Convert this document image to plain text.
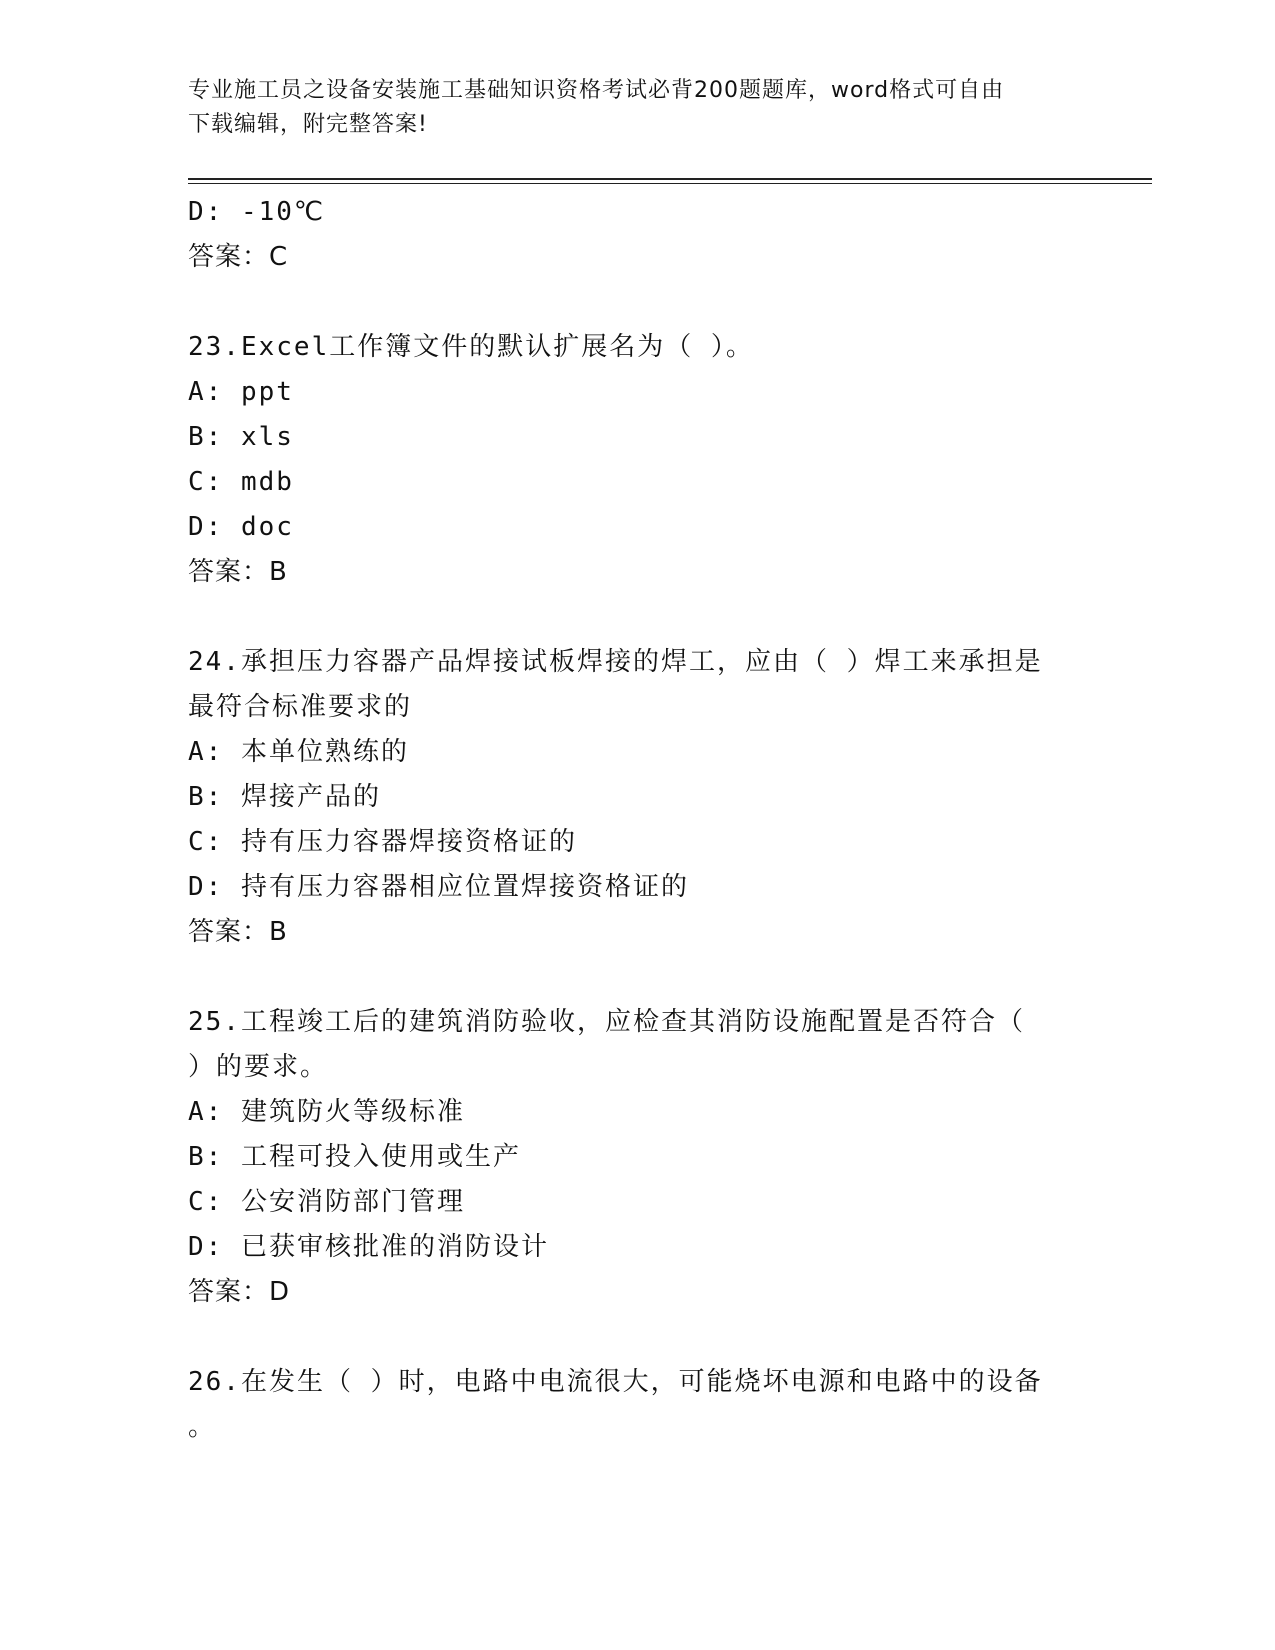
专业施工员之设备安装施工基础知识资格考试必背200题题库，word格式可自由
下载编辑，附完整答案!
D: -10℃
答案：C
23.Excel工作簿文件的默认扩展名为（ ）。
A: ppt
B: xls
C: mdb
D: doc
答案：B
24.承担压力容器产品焊接试板焊接的焊工，应由（ ）焊工来承担是
最符合标准要求的
A: 本单位熟练的
B: 焊接产品的
C: 持有压力容器焊接资格证的
D: 持有压力容器相应位置焊接资格证的
答案：B
25.工程竣工后的建筑消防验收，应检查其消防设施配置是否符合（
）的要求。
A: 建筑防火等级标准
B: 工程可投入使用或生产
C: 公安消防部门管理
D: 已获审核批准的消防设计
答案：D
26.在发生（ ）时，电路中电流很大，可能烧坏电源和电路中的设备
。
